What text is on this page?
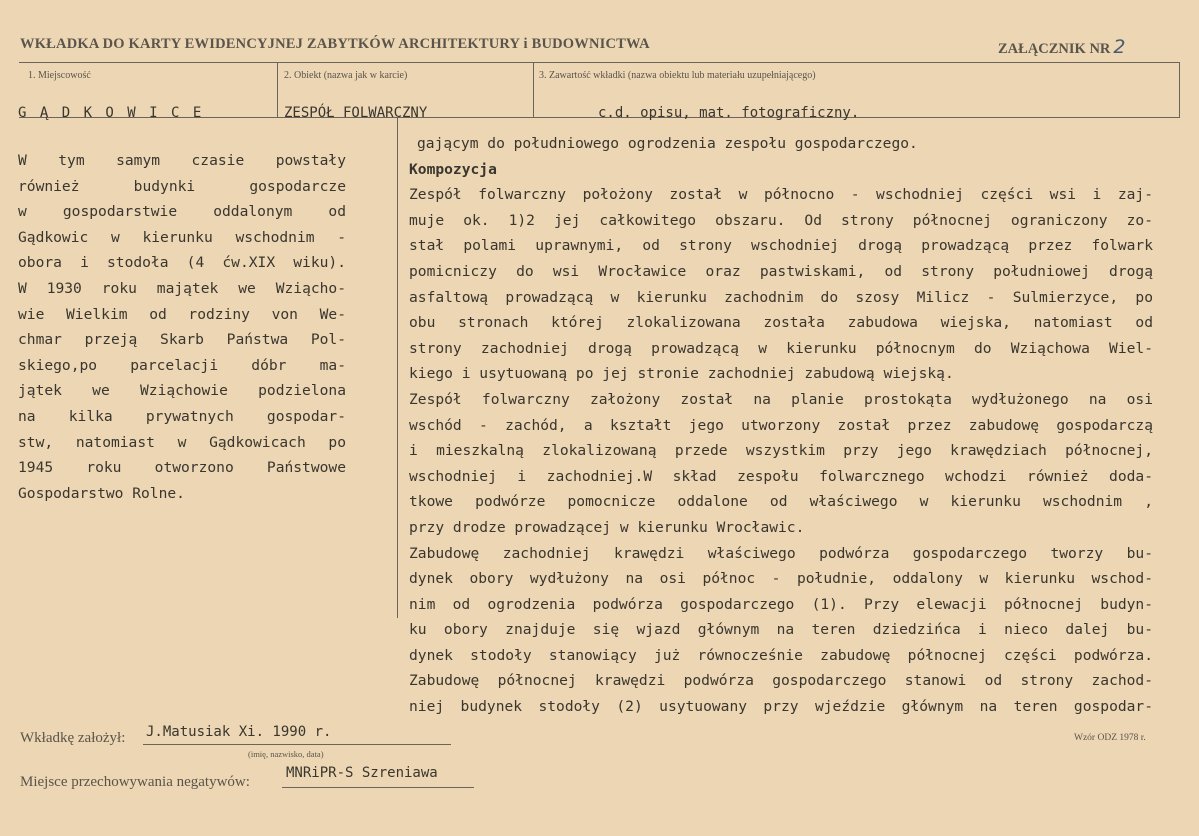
WKŁADKA DO KARTY EWIDENCYJNEJ ZABYTKÓW ARCHITEKTURY i BUDOWNICTWA	ZAŁĄCZNIK NR 2
1. Miejscowość	2. Obiekt (nazwa jak w karcie)	3. Zawartość wkładki (nazwa obiektu lub materiału uzupełniającego)
G Ą D K O W I C E	ZESPÓŁ FOLWARCZNY	c.d. opisu, mat. fotograficzny.
W tym samym czasie powstały
również budynki gospodarcze
w gospodarstwie oddalonym od
Gądkowic w kierunku wschodnim -
obora i stodoła (4 ćw.XIX wiku).
W 1930 roku majątek we Wziącho-
wie Wielkim od rodziny von We-
chmar przeją Skarb Państwa Pol-
skiego,po parcelacji dóbr ma-
jątek we Wziąchowie podzielona
na kilka prywatnych gospodar-
stw, natomiast w Gądkowicach po
1945 roku otworzono Państwowe
Gospodarstwo Rolne.
gającym do południowego ogrodzenia zespołu gospodarczego.
Kompozycja
Zespół folwarczny położony został w północno - wschodniej części wsi i zaj-
muje ok. 1)2 jej całkowitego obszaru. Od strony północnej ograniczony zo-
stał polami uprawnymi, od strony wschodniej drogą prowadzącą przez folwark
pomicniczy do wsi Wrocławice oraz pastwiskami, od strony południowej drogą
asfaltową prowadzącą w kierunku zachodnim do szosy Milicz - Sulmierzyce, po
obu stronach której zlokalizowana została zabudowa wiejska, natomiast od
strony zachodniej drogą prowadzącą w kierunku północnym do Wziąchowa Wiel-
kiego i usytuowaną po jej stronie zachodniej zabudową wiejską.
Zespół folwarczny założony został na planie prostokąta wydłużonego na osi
wschód - zachód, a kształt jego utworzony został przez zabudowę gospodarczą
i mieszkalną zlokalizowaną przede wszystkim przy jego krawędziach północnej,
wschodniej i zachodniej.W skład zespołu folwarcznego wchodzi również doda-
tkowe podwórze pomocnicze oddalone od właściwego w kierunku wschodnim ,
przy drodze prowadzącej w kierunku Wrocławic.
Zabudowę zachodniej krawędzi właściwego podwórza gospodarczego tworzy bu-
dynek obory wydłużony na osi północ - południe, oddalony w kierunku wschod-
nim od ogrodzenia podwórza gospodarczego (1). Przy elewacji północnej budyn-
ku obory znajduje się wjazd głównym na teren dziedzińca i nieco dalej bu-
dynek stodoły stanowiący już równocześnie zabudowę północnej części podwórza.
Zabudowę północnej krawędzi podwórza gospodarczego stanowi od strony zachod-
niej budynek stodoły (2) usytuowany przy wjeździe głównym na teren gospodar-
Wkładkę założył: J.Matusiak Xi. 1990 r.
(imię, nazwisko, data)
Miejsce przechowywania negatywów:
MNRiPR-S Szreniawa
Wzór ODZ 1978 r.
